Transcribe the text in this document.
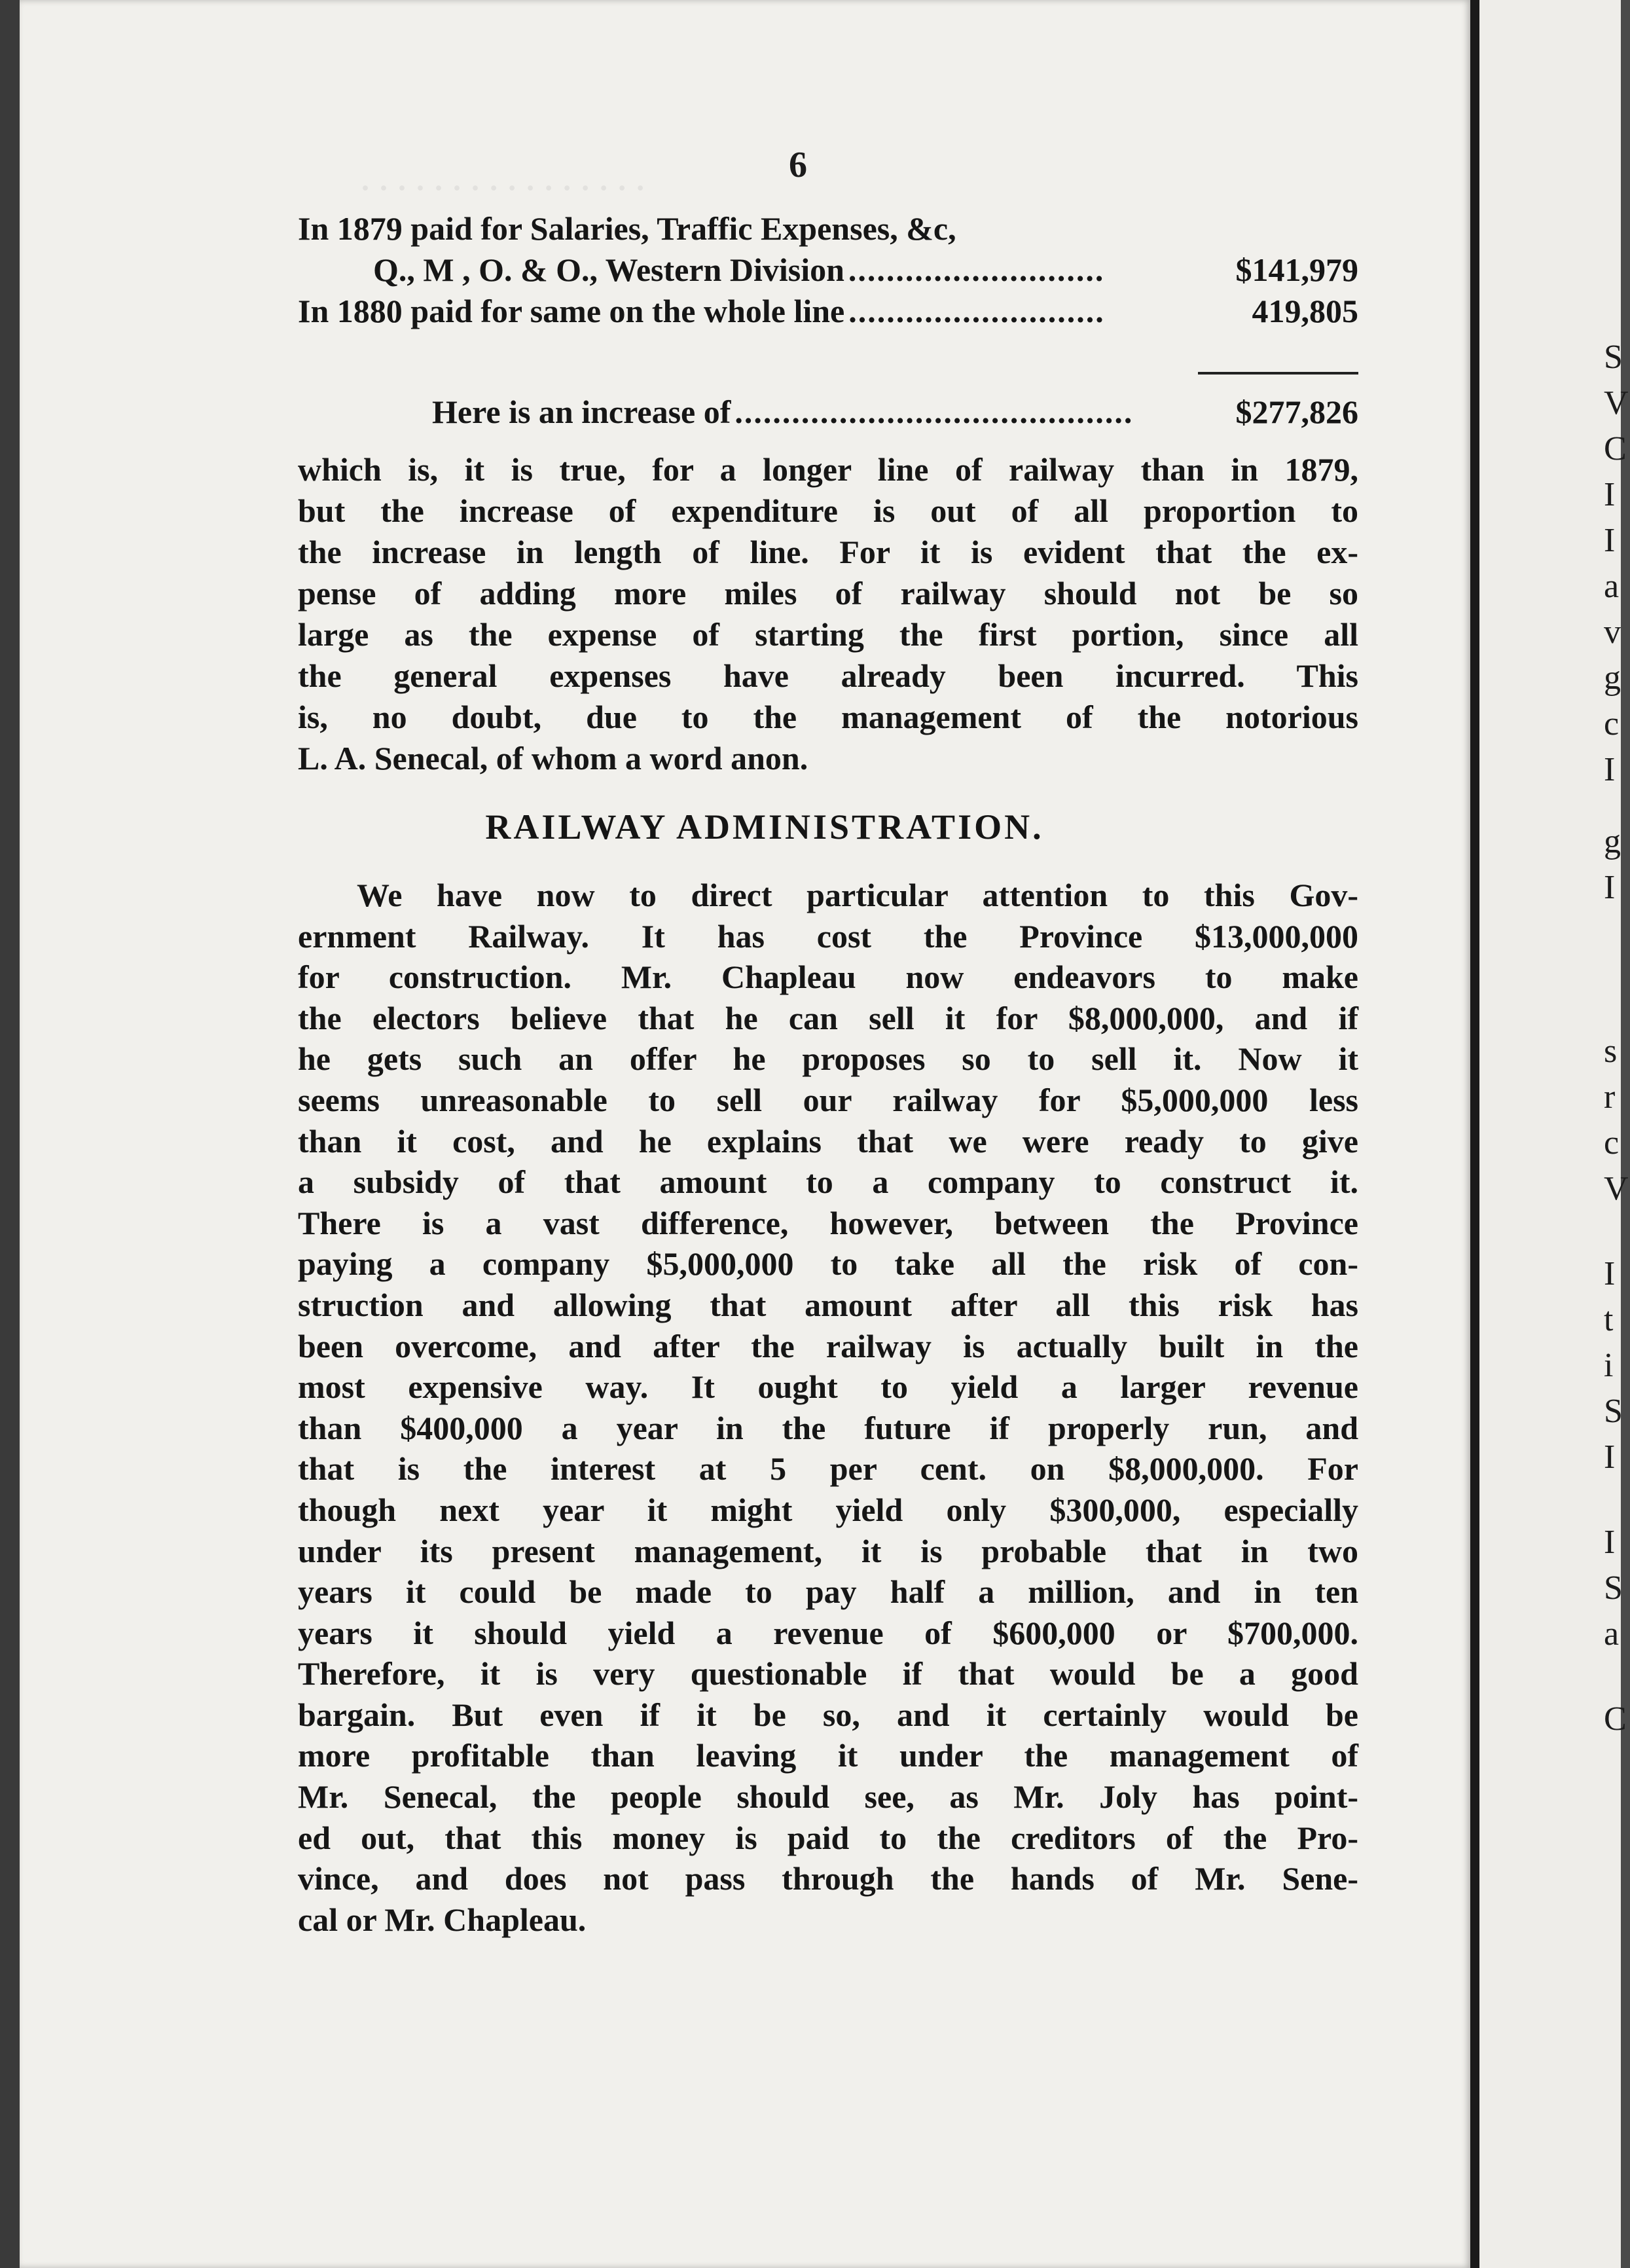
· · · · · · · · · · · · · · · ·
6
In 1879 paid for Salaries, Traffic Expenses, &c,
Q., M , O. & O., Western Division ...........................	$141,979
In 1880 paid for same on the whole line ...........................	419,805
Here is an increase of ..........................................	$277,826

which is, it is true, for a longer line of railway than in 1879,
but the increase of expenditure is out of all proportion to
the increase in length of line. For it is evident that the ex-
pense of adding more miles of railway should not be so
large as the expense of starting the first portion, since all
the general expenses have already been incurred. This
is, no doubt, due to the management of the notorious
L. A. Senecal, of whom a word anon.

RAILWAY ADMINISTRATION.

We have now to direct particular attention to this Gov-
ernment Railway. It has cost the Province $13,000,000
for construction. Mr. Chapleau now endeavors to make
the electors believe that he can sell it for $8,000,000, and if
he gets such an offer he proposes so to sell it. Now it
seems unreasonable to sell our railway for $5,000,000 less
than it cost, and he explains that we were ready to give
a subsidy of that amount to a company to construct it.
There is a vast difference, however, between the Province
paying a company $5,000,000 to take all the risk of con-
struction and allowing that amount after all this risk has
been overcome, and after the railway is actually built in the
most expensive way. It ought to yield a larger revenue
than $400,000 a year in the future if properly run, and
that is the interest at 5 per cent. on $8,000,000. For
though next year it might yield only $300,000, especially
under its present management, it is probable that in two
years it could be made to pay half a million, and in ten
years it should yield a revenue of $600,000 or $700,000.
Therefore, it is very questionable if that would be a good
bargain. But even if it be so, and it certainly would be
more profitable than leaving it under the management of
Mr. Senecal, the people should see, as Mr. Joly has point-
ed out, that this money is paid to the creditors of the Pro-
vince, and does not pass through the hands of Mr. Sene-
cal or Mr. Chapleau.

S
V
C
I
I
a
v
g
c
I
g
I
s
r
c
V
I
t
i
S
I
I
S
a
C
